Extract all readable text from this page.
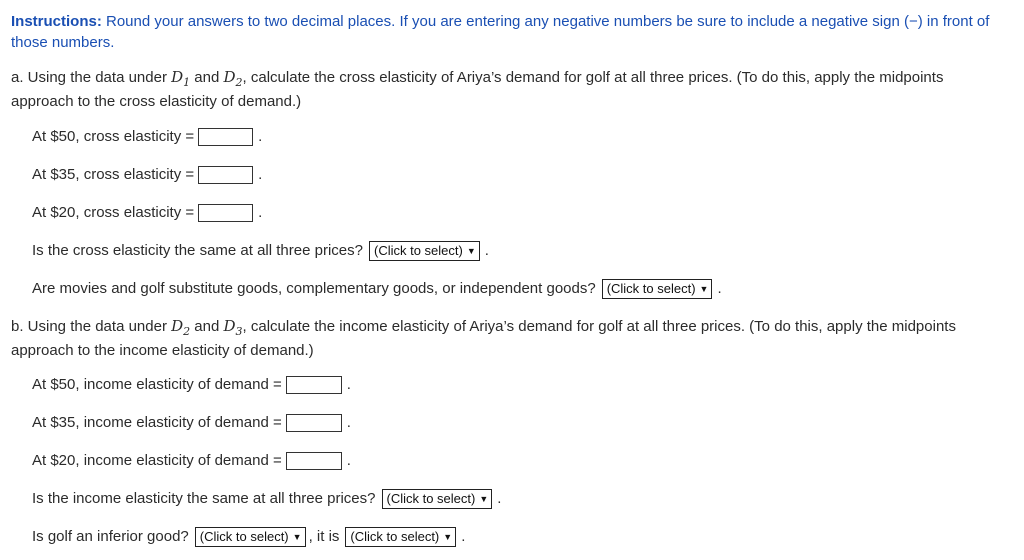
Instructions: Round your answers to two decimal places. If you are entering any negative numbers be sure to include a negative sign (−) in front of those numbers.
a. Using the data under $D_1$ and $D_2$, calculate the cross elasticity of Ariya’s demand for golf at all three prices. (To do this, apply the midpoints approach to the cross elasticity of demand.)
At $50, cross elasticity =	.
At $35, cross elasticity =	.
At $20, cross elasticity =	.
Is the cross elasticity the same at all three prices? (Click to select) ▼ .
Are movies and golf substitute goods, complementary goods, or independent goods? (Click to select) ▼ .
b. Using the data under $D_2$ and $D_3$, calculate the income elasticity of Ariya’s demand for golf at all three prices. (To do this, apply the midpoints approach to the income elasticity of demand.)
At $50, income elasticity of demand =	.
At $35, income elasticity of demand =	.
At $20, income elasticity of demand =	.
Is the income elasticity the same at all three prices? (Click to select) ▼ .
Is golf an inferior good? (Click to select) ▼ , it is (Click to select) ▼ .
